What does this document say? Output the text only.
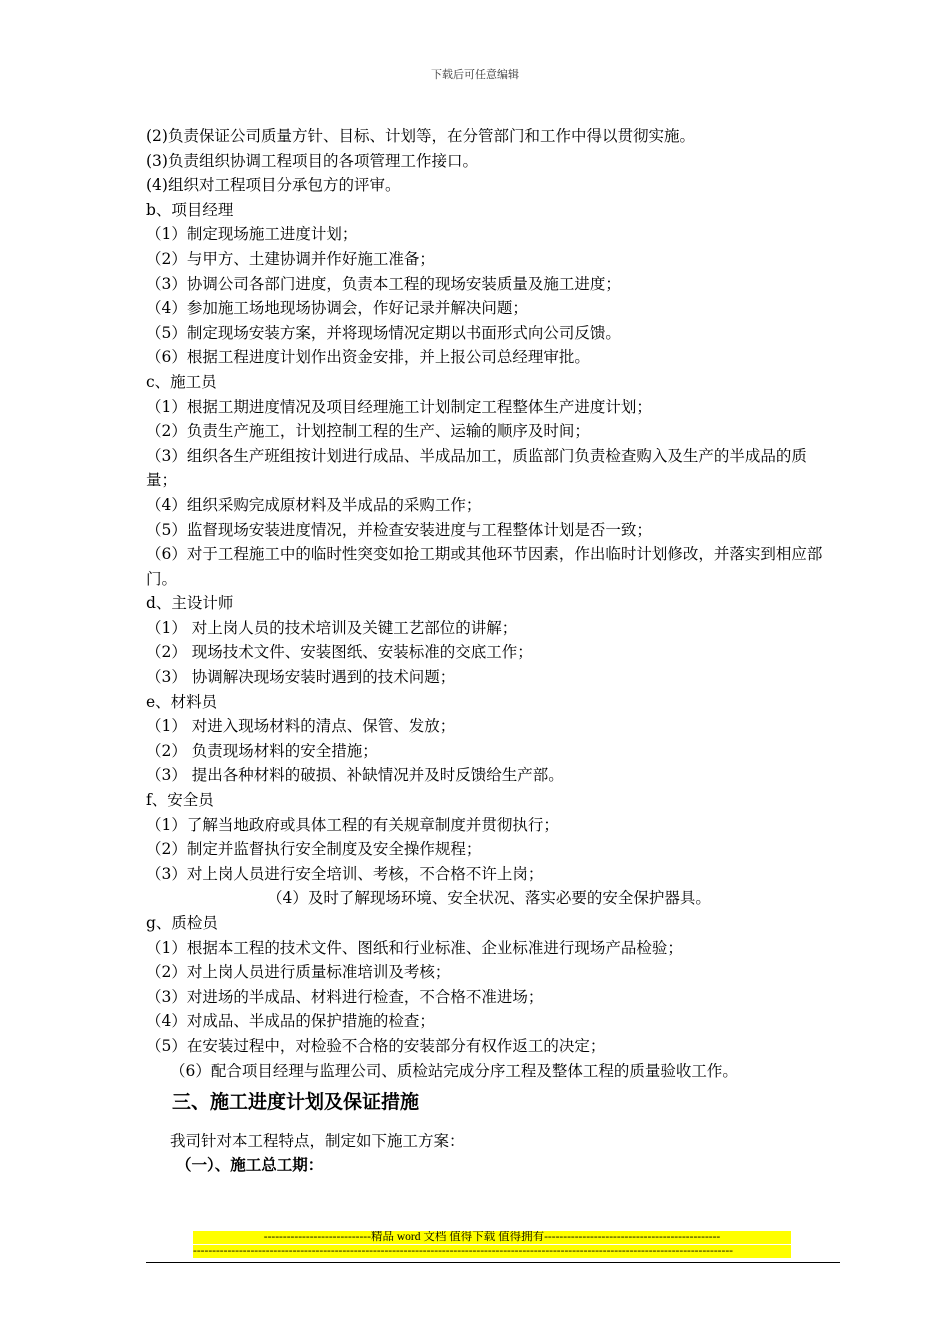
下载后可任意编辑
(2)负责保证公司质量方针、目标、计划等，在分管部门和工作中得以贯彻实施。
(3)负责组织协调工程项目的各项管理工作接口。
(4)组织对工程项目分承包方的评审。
b、项目经理
（1）制定现场施工进度计划；
（2）与甲方、土建协调并作好施工准备；
（3）协调公司各部门进度，负责本工程的现场安装质量及施工进度；
（4）参加施工场地现场协调会，作好记录并解决问题；
（5）制定现场安装方案，并将现场情况定期以书面形式向公司反馈。
（6）根据工程进度计划作出资金安排，并上报公司总经理审批。
c、施工员
（1）根据工期进度情况及项目经理施工计划制定工程整体生产进度计划；
（2）负责生产施工，计划控制工程的生产、运输的顺序及时间；
（3）组织各生产班组按计划进行成品、半成品加工，质监部门负责检查购入及生产的半成品的质量；
（4）组织采购完成原材料及半成品的采购工作；
（5）监督现场安装进度情况，并检查安装进度与工程整体计划是否一致；
（6）对于工程施工中的临时性突变如抢工期或其他环节因素，作出临时计划修改，并落实到相应部门。
d、主设计师
（1） 对上岗人员的技术培训及关键工艺部位的讲解；
（2） 现场技术文件、安装图纸、安装标准的交底工作；
（3） 协调解决现场安装时遇到的技术问题；
e、材料员
（1） 对进入现场材料的清点、保管、发放；
（2） 负责现场材料的安全措施；
（3） 提出各种材料的破损、补缺情况并及时反馈给生产部。
f、安全员
（1）了解当地政府或具体工程的有关规章制度并贯彻执行；
（2）制定并监督执行安全制度及安全操作规程；
（3）对上岗人员进行安全培训、考核，不合格不许上岗；
（4）及时了解现场环境、安全状况、落实必要的安全保护器具。
g、质检员
（1）根据本工程的技术文件、图纸和行业标准、企业标准进行现场产品检验；
（2）对上岗人员进行质量标准培训及考核；
（3）对进场的半成品、材料进行检查，不合格不准进场；
（4）对成品、半成品的保护措施的检查；
（5）在安装过程中，对检验不合格的安装部分有权作返工的决定；
（6）配合项目经理与监理公司、质检站完成分序工程及整体工程的质量验收工作。
三、施工进度计划及保证措施
我司针对本工程特点，制定如下施工方案：
（一）、施工总工期：
----------------------------精品 word 文档 值得下载 值得拥有----------------------------------------------
---------------------------------------------------------------------------------------------------------------------------------------------
